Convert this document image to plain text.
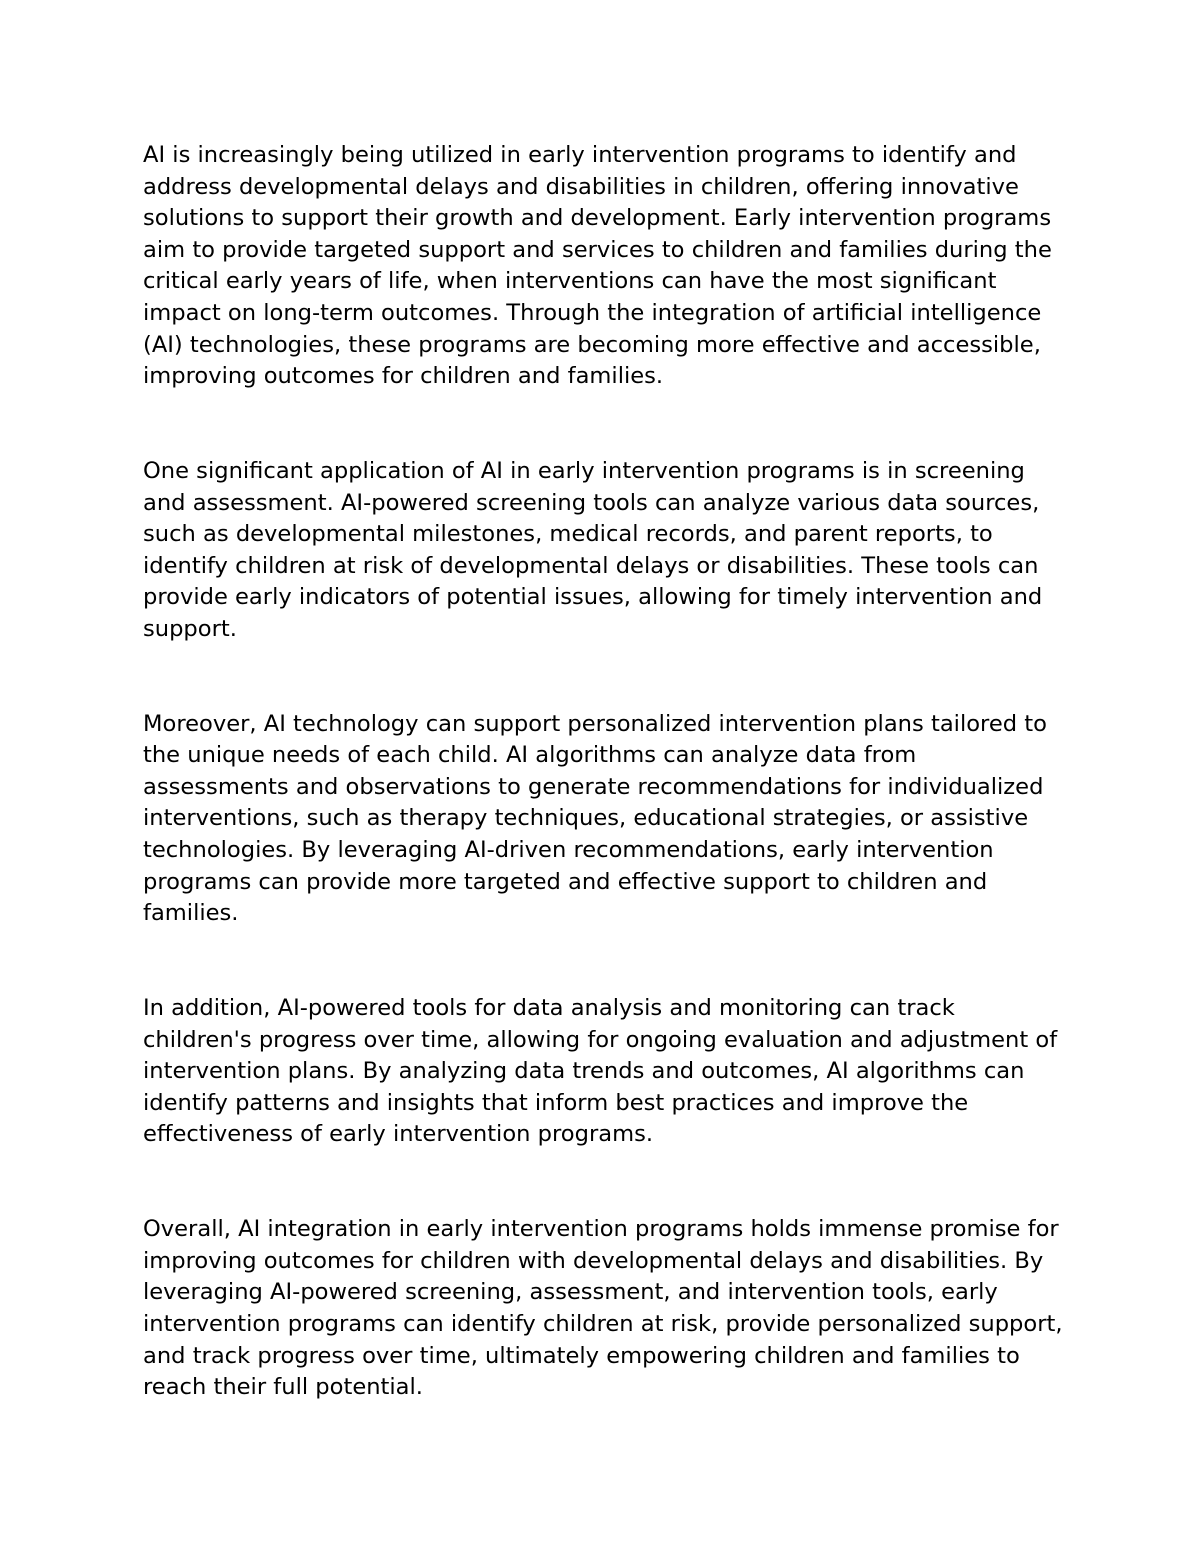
AI is increasingly being utilized in early intervention programs to identify and address developmental delays and disabilities in children, offering innovative solutions to support their growth and development. Early intervention programs aim to provide targeted support and services to children and families during the critical early years of life, when interventions can have the most significant impact on long-term outcomes. Through the integration of artificial intelligence (AI) technologies, these programs are becoming more effective and accessible, improving outcomes for children and families.

One significant application of AI in early intervention programs is in screening and assessment. AI-powered screening tools can analyze various data sources, such as developmental milestones, medical records, and parent reports, to identify children at risk of developmental delays or disabilities. These tools can provide early indicators of potential issues, allowing for timely intervention and support.

Moreover, AI technology can support personalized intervention plans tailored to the unique needs of each child. AI algorithms can analyze data from assessments and observations to generate recommendations for individualized interventions, such as therapy techniques, educational strategies, or assistive technologies. By leveraging AI-driven recommendations, early intervention programs can provide more targeted and effective support to children and families.

In addition, AI-powered tools for data analysis and monitoring can track children's progress over time, allowing for ongoing evaluation and adjustment of intervention plans. By analyzing data trends and outcomes, AI algorithms can identify patterns and insights that inform best practices and improve the effectiveness of early intervention programs.

Overall, AI integration in early intervention programs holds immense promise for improving outcomes for children with developmental delays and disabilities. By leveraging AI-powered screening, assessment, and intervention tools, early intervention programs can identify children at risk, provide personalized support, and track progress over time, ultimately empowering children and families to reach their full potential.
